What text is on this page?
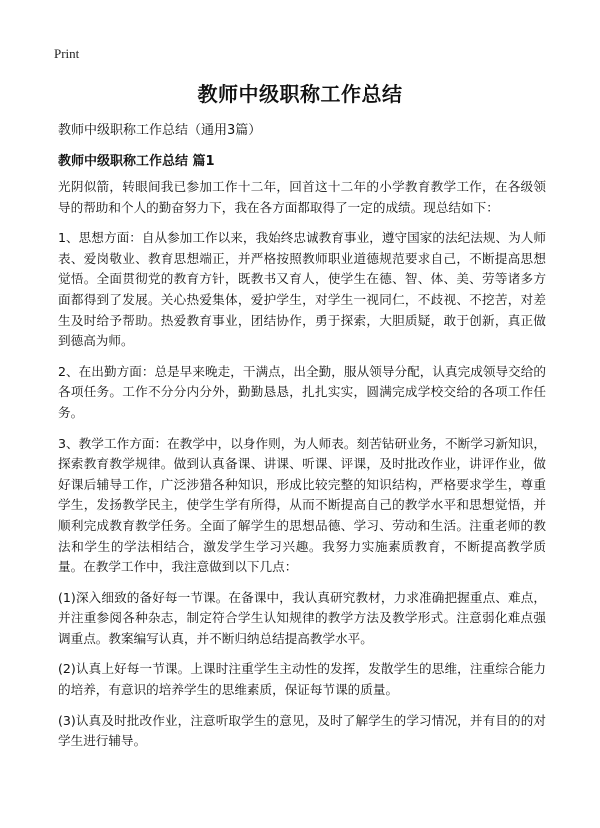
Print
教师中级职称工作总结

教师中级职称工作总结（通用3篇）

教师中级职称工作总结 篇1

光阴似箭，转眼间我已参加工作十二年，回首这十二年的小学教育教学工作，在各级领导的帮助和个人的勤奋努力下，我在各方面都取得了一定的成绩。现总结如下：

1、思想方面：自从参加工作以来，我始终忠诚教育事业，遵守国家的法纪法规、为人师表、爱岗敬业、教育思想端正，并严格按照教师职业道德规范要求自己，不断提高思想觉悟。全面贯彻党的教育方针，既教书又育人，使学生在德、智、体、美、劳等诸多方面都得到了发展。关心热爱集体，爱护学生，对学生一视同仁，不歧视、不挖苦，对差生及时给予帮助。热爱教育事业，团结协作，勇于探索，大胆质疑，敢于创新，真正做到德高为师。

2、在出勤方面：总是早来晚走，干满点，出全勤，服从领导分配，认真完成领导交给的各项任务。工作不分分内分外，勤勤恳恳，扎扎实实，圆满完成学校交给的各项工作任务。

3、教学工作方面：在教学中，以身作则，为人师表。刻苦钻研业务，不断学习新知识，探索教育教学规律。做到认真备课、讲课、听课、评课，及时批改作业，讲评作业，做好课后辅导工作，广泛涉猎各种知识，形成比较完整的知识结构，严格要求学生，尊重学生，发扬教学民主，使学生学有所得，从而不断提高自己的教学水平和思想觉悟，并顺利完成教育教学任务。全面了解学生的思想品德、学习、劳动和生活。注重老师的教法和学生的学法相结合，激发学生学习兴趣。我努力实施素质教育，不断提高教学质量。在教学工作中，我注意做到以下几点：

(1)深入细致的备好每一节课。在备课中，我认真研究教材，力求准确把握重点、难点，并注重参阅各种杂志，制定符合学生认知规律的教学方法及教学形式。注意弱化难点强调重点。教案编写认真，并不断归纳总结提高教学水平。

(2)认真上好每一节课。上课时注重学生主动性的发挥，发散学生的思维，注重综合能力的培养，有意识的培养学生的思维素质，保证每节课的质量。

(3)认真及时批改作业，注意听取学生的意见，及时了解学生的学习情况，并有目的的对学生进行辅导。
